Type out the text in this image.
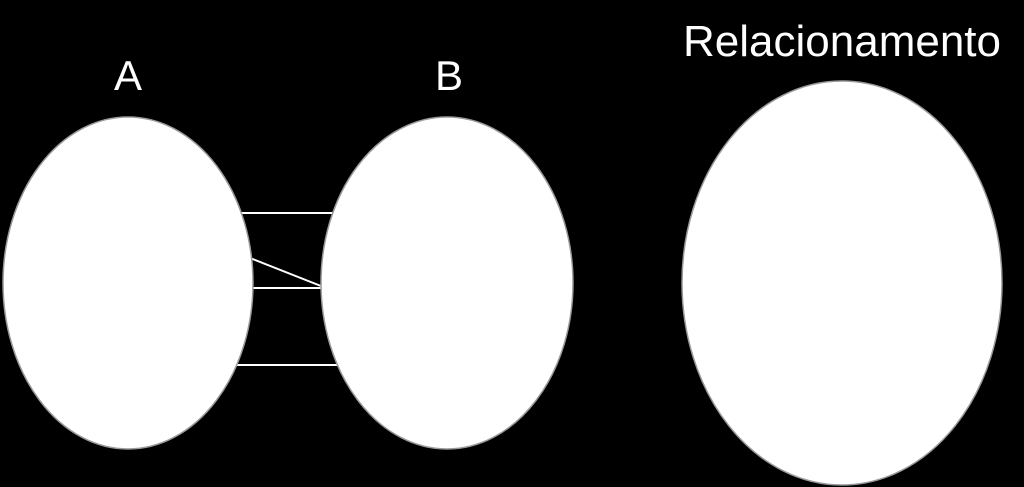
A	B
Relacionamento
